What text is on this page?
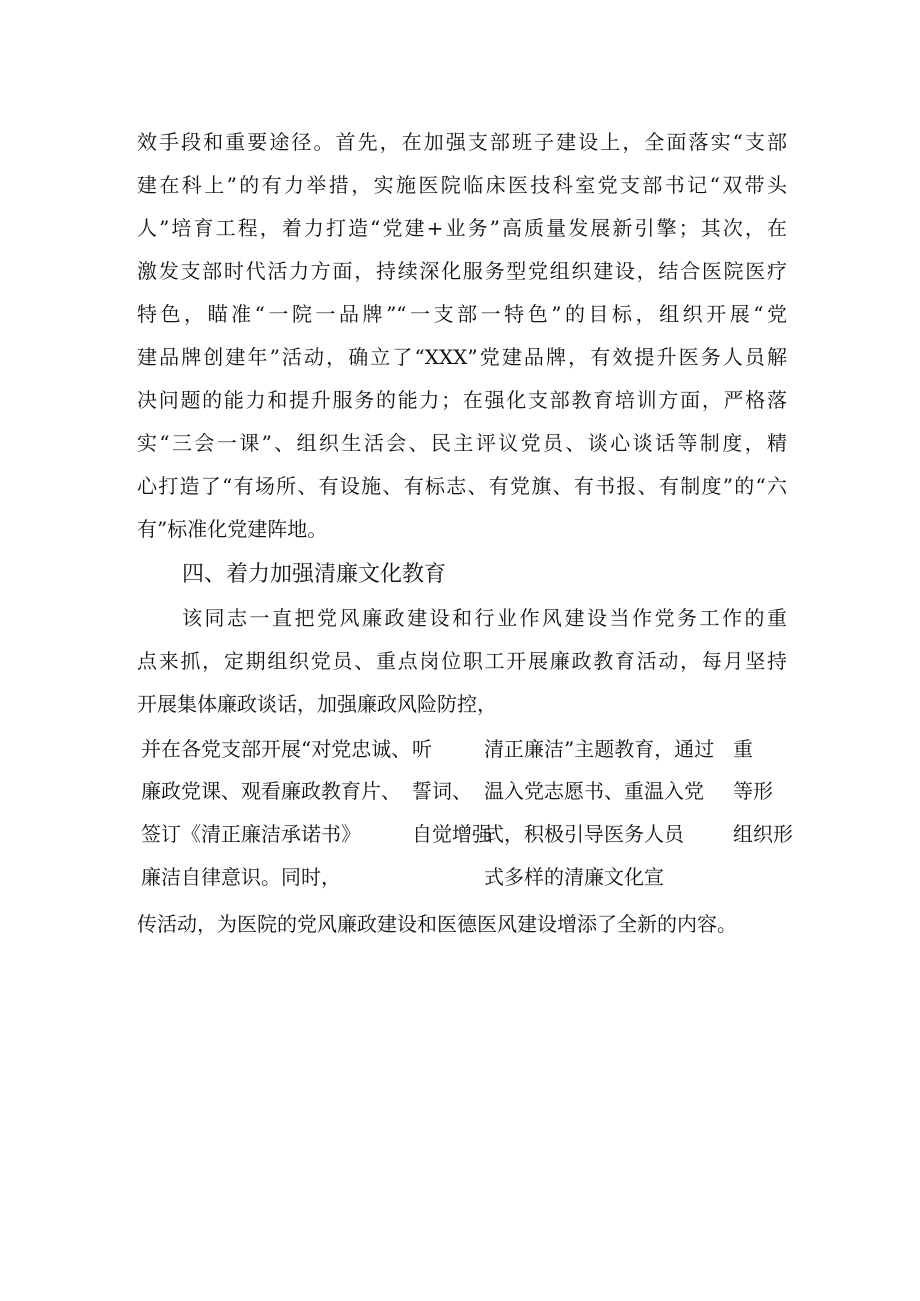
效手段和重要途径。首先，在加强支部班子建设上，全面落实“支部
建在科上”的有力举措，实施医院临床医技科室党支部书记“双带头
人”培育工程，着力打造“党建+业务”高质量发展新引擎；其次，在
激发支部时代活力方面，持续深化服务型党组织建设，结合医院医疗
特色，瞄准“一院一品牌”“一支部一特色”的目标，组织开展“党
建品牌创建年”活动，确立了“XXX”党建品牌，有效提升医务人员解
决问题的能力和提升服务的能力；在强化支部教育培训方面，严格落
实“三会一课”、组织生活会、民主评议党员、谈心谈话等制度，精
心打造了“有场所、有设施、有标志、有党旗、有书报、有制度”的“六
有”标准化党建阵地。
四、着力加强清廉文化教育
该同志一直把党风廉政建设和行业作风建设当作党务工作的重
点来抓，定期组织党员、重点岗位职工开展廉政教育活动，每月坚持
开展集体廉政谈话，加强廉政风险防控，
并在各党支部开展“对党忠诚、 听	清正廉洁”主题教育，通过 重
廉政党课、观看廉政教育片、 誓词、 温入党志愿书、重温入党 等形
签订《清正廉洁承诺书》	自觉增强
式，积极引导医务人员 组织形
廉洁自律意识。同时，	式多样的清廉文化宣
传活动，为医院的党风廉政建设和医德医风建设增添了全新的内容。
